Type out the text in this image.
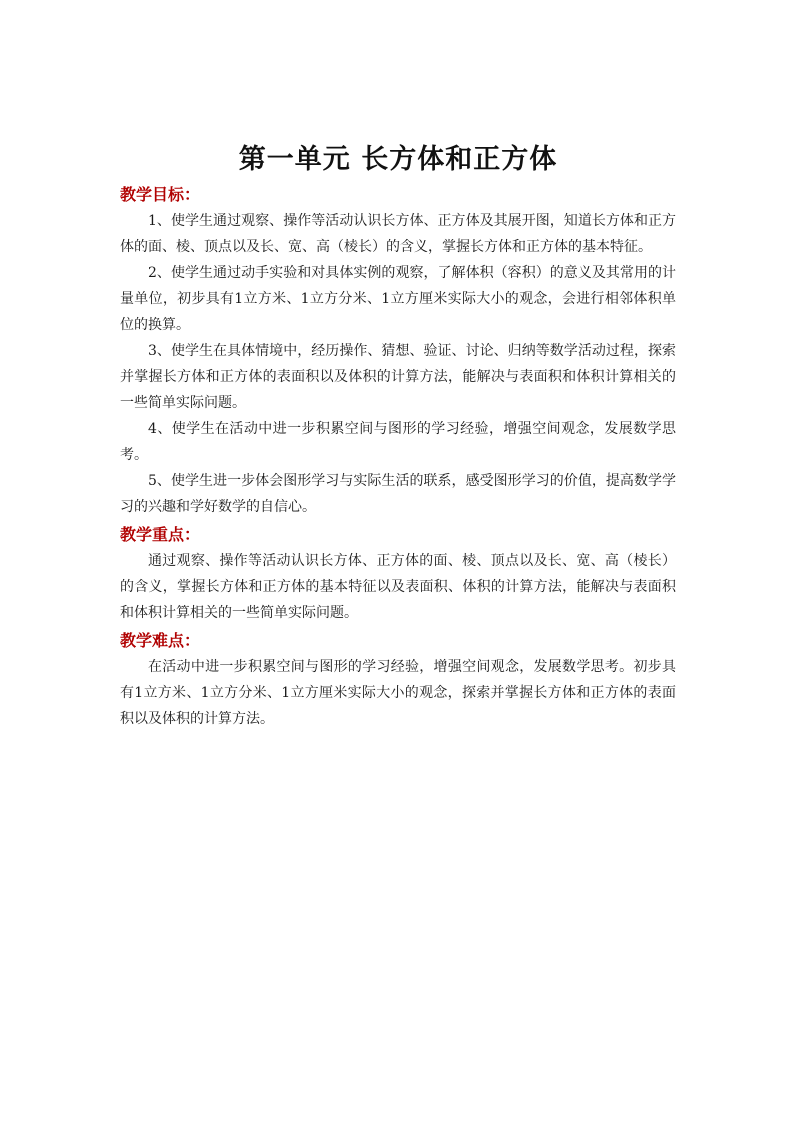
第一单元 长方体和正方体
教学目标：

1、使学生通过观察、操作等活动认识长方体、正方体及其展开图，知道长方体和正方体的面、棱、顶点以及长、宽、高（棱长）的含义，掌握长方体和正方体的基本特征。

2、使学生通过动手实验和对具体实例的观察，了解体积（容积）的意义及其常用的计量单位，初步具有1立方米、1立方分米、1立方厘米实际大小的观念，会进行相邻体积单位的换算。

3、使学生在具体情境中，经历操作、猜想、验证、讨论、归纳等数学活动过程，探索并掌握长方体和正方体的表面积以及体积的计算方法，能解决与表面积和体积计算相关的一些简单实际问题。

4、使学生在活动中进一步积累空间与图形的学习经验，增强空间观念，发展数学思考。

5、使学生进一步体会图形学习与实际生活的联系，感受图形学习的价值，提高数学学习的兴趣和学好数学的自信心。

教学重点：

通过观察、操作等活动认识长方体、正方体的面、棱、顶点以及长、宽、高（棱长）的含义，掌握长方体和正方体的基本特征以及表面积、体积的计算方法，能解决与表面积和体积计算相关的一些简单实际问题。

教学难点：

在活动中进一步积累空间与图形的学习经验，增强空间观念，发展数学思考。初步具有1立方米、1立方分米、1立方厘米实际大小的观念，探索并掌握长方体和正方体的表面积以及体积的计算方法。
